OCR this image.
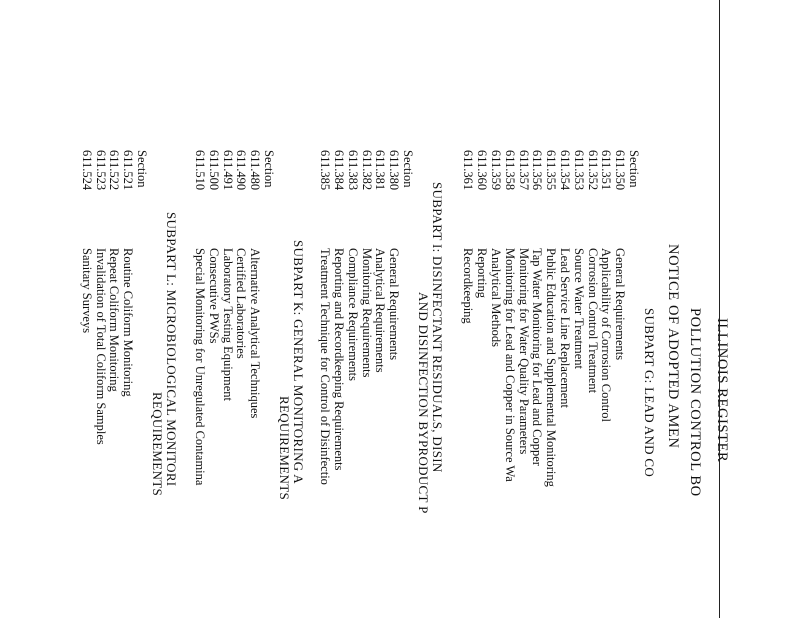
ILLINOIS REGISTER
POLLUTION CONTROL BO
NOTICE OF ADOPTED AMEN
SUBPART G: LEAD AND CO
Section
611.350
611.351
611.352
611.353
611.354
611.355
611.356
611.357
611.358
611.359
611.360
611.361
General Requirements
Applicability of Corrosion Control
Corrosion Control Treatment
Source Water Treatment
Lead Service Line Replacement
Public Education and Supplemental Monitoring
Tap Water Monitoring for Lead and Copper
Monitoring for Water Quality Parameters
Monitoring for Lead and Copper in Source Wa
Analytical Methods
Reporting
Recordkeeping
SUBPART I: DISINFECTANT RESIDUALS, DISIN
AND DISINFECTION BYPRODUCT P
Section
611.380
611.381
611.382
611.383
611.384
611.385
General Requirements
Analytical Requirements
Monitoring Requirements
Compliance Requirements
Reporting and Recordkeeping Requirements
Treatment Technique for Control of Disinfectio
SUBPART K: GENERAL MONITORING A
REQUIREMENTS
Section
611.480
611.490
611.491
611.500
611.510
Alternative Analytical Techniques
Certified Laboratories
Laboratory Testing Equipment
Consecutive PWSs
Special Monitoring for Unregulated Contamina
SUBPART L: MICROBIOLOGICAL MONITORI
REQUIREMENTS
Section
611.521
611.522
611.523
611.524
Routine Coliform Monitoring
Repeat Coliform Monitoring
Invalidation of Total Coliform Samples
Sanitary Surveys
